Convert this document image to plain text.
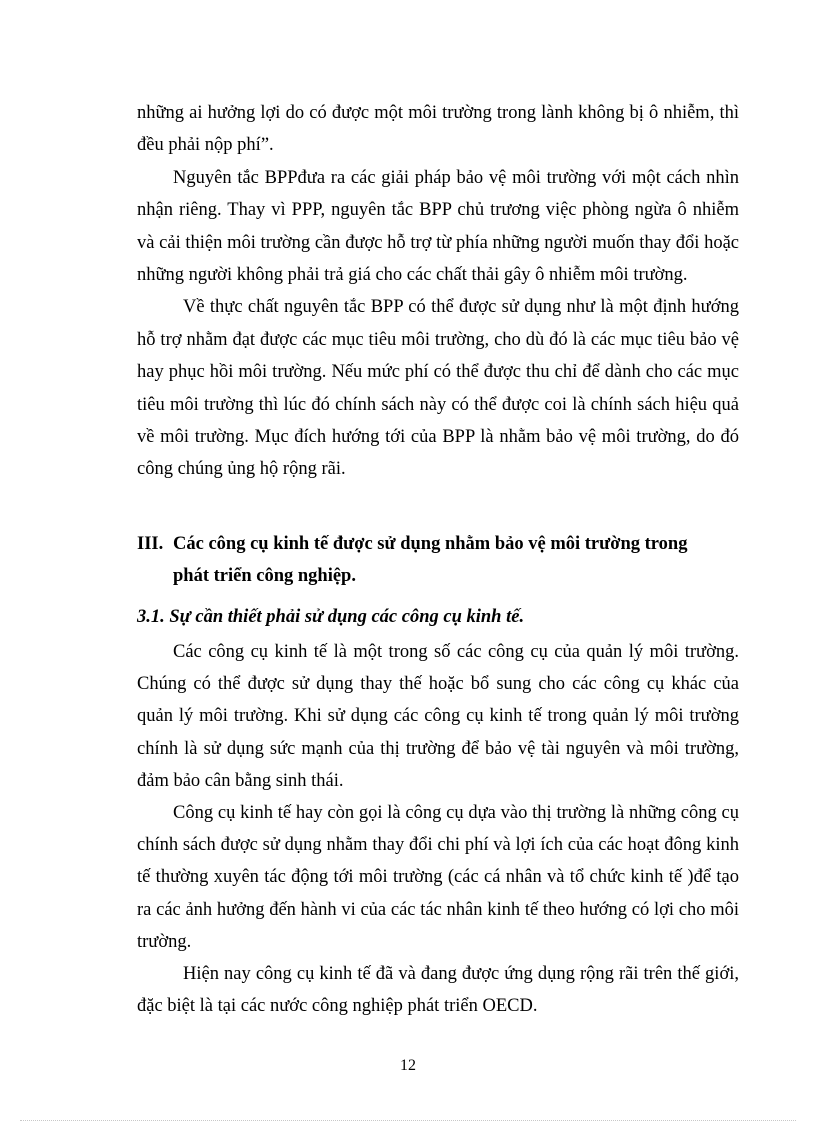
những ai hưởng lợi do có được một môi trường trong lành không bị ô nhiễm, thì đều phải nộp phí”.

Nguyên tắc BPPđưa ra các giải pháp bảo vệ môi trường với một cách nhìn nhận riêng. Thay vì PPP, nguyên tắc BPP chủ trương việc phòng ngừa ô nhiễm và cải thiện môi trường cần được hỗ trợ từ phía những người muốn thay đổi hoặc những người không phải trả giá cho các chất thải gây ô nhiễm môi trường.

Về thực chất nguyên tắc BPP có thể được sử dụng như là một định hướng hỗ trợ nhằm đạt được các mục tiêu môi trường, cho dù đó là các mục tiêu bảo vệ hay phục hồi môi trường. Nếu mức phí có thể được thu chỉ để dành cho các mục tiêu môi trường thì lúc đó chính sách này có thể được coi là chính sách hiệu quả về môi trường. Mục đích hướng tới của BPP là nhằm bảo vệ môi trường, do đó công chúng ủng hộ rộng rãi.

III. Các công cụ kinh tế được sử dụng nhằm bảo vệ môi trường trong
phát triển công nghiệp.
3.1. Sự cần thiết phải sử dụng các công cụ kinh tế.

Các công cụ kinh tế là một trong số các công cụ của quản lý môi trường. Chúng có thể được sử dụng thay thế hoặc bổ sung cho các công cụ khác của quản lý môi trường. Khi sử dụng các công cụ kinh tế trong quản lý môi trường chính là sử dụng sức mạnh của thị trường để bảo vệ tài nguyên và môi trường, đảm bảo cân bằng sinh thái.

Công cụ kinh tế hay còn gọi là công cụ dựa vào thị trường là những công cụ chính sách được sử dụng nhằm thay đổi chi phí và lợi ích của các hoạt đông kinh tế thường xuyên tác động tới môi trường (các cá nhân và tổ chức kinh tế )để tạo ra các ảnh hưởng đến hành vi của các tác nhân kinh tế theo hướng có lợi cho môi trường.

Hiện nay công cụ kinh tế đã và đang được ứng dụng rộng rãi trên thế giới, đặc biệt là tại các nước công nghiệp phát triển OECD.

12
